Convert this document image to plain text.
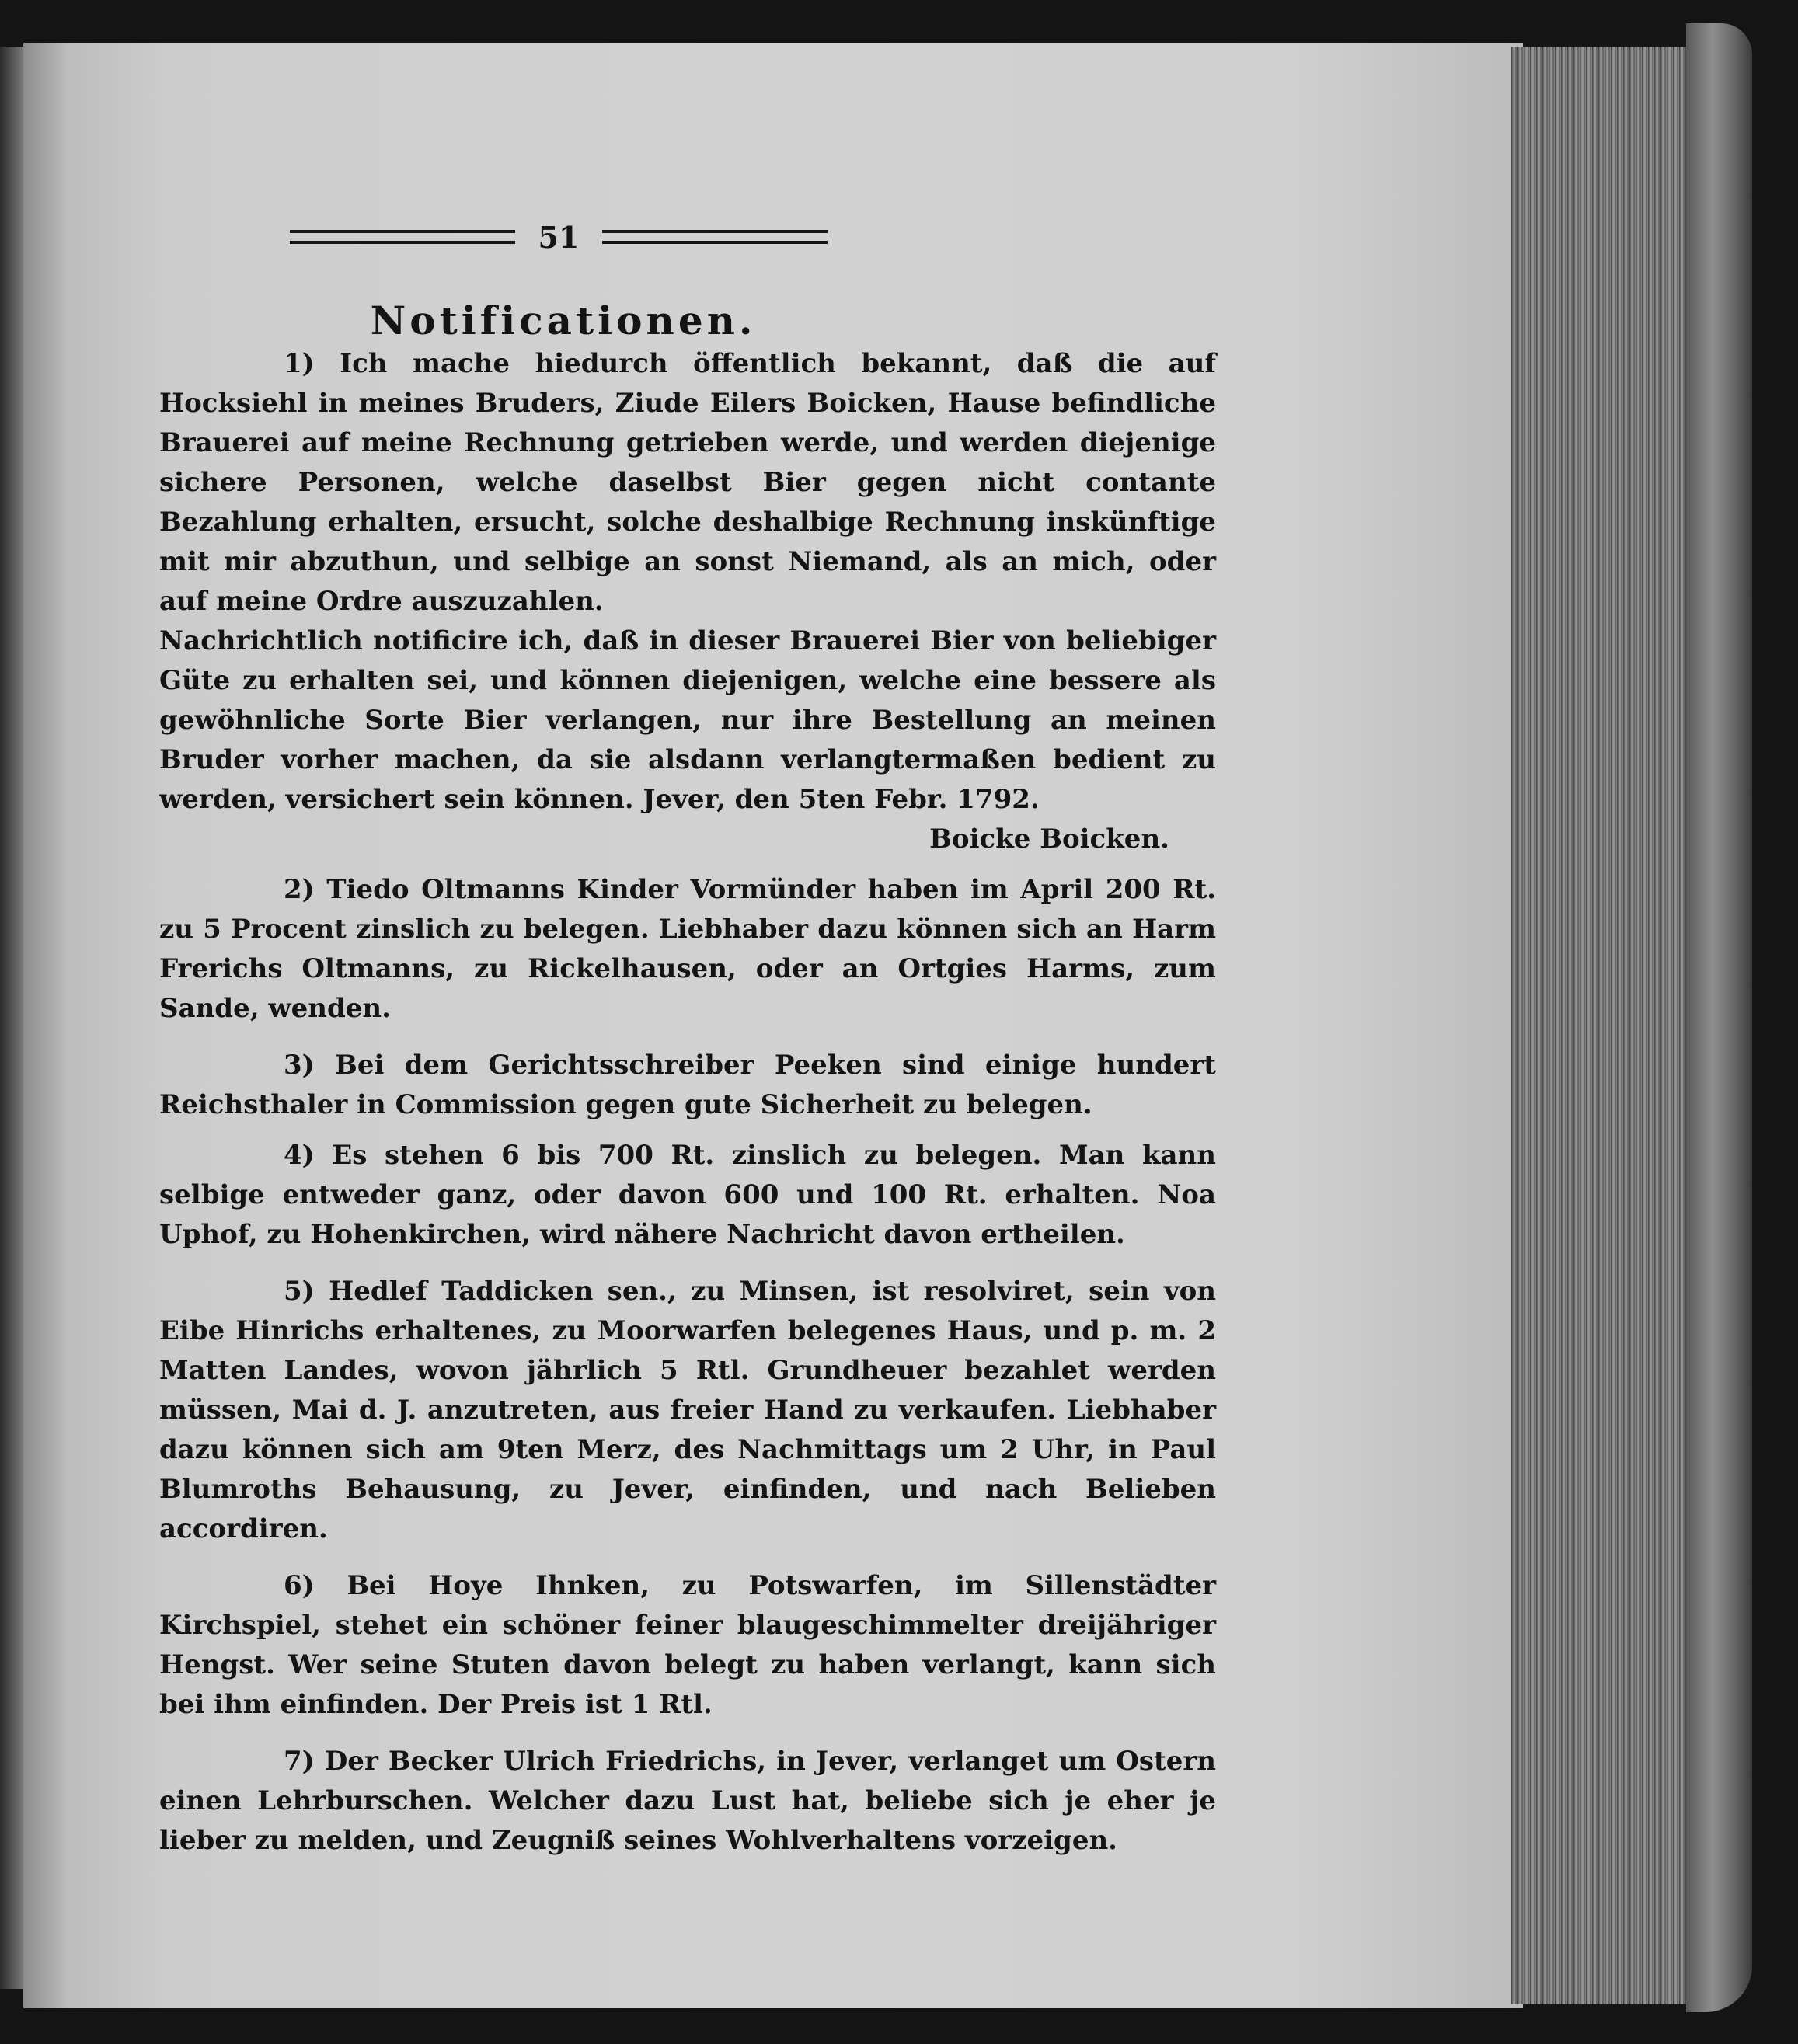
51
Notificationen.

1) Ich mache hiedurch öffentlich bekannt, daß die auf Hocksiehl in meines Bruders, Ziude Eilers Boicken, Hause befindliche Brauerei auf meine Rechnung getrieben werde, und werden diejenige sichere Personen, welche daselbst Bier gegen nicht contante Bezahlung erhalten, ersucht, solche deshalbige Rechnung inskünftige mit mir abzuthun, und selbige an sonst Niemand, als an mich, oder auf meine Ordre auszuzahlen.

Nachrichtlich notificire ich, daß in dieser Brauerei Bier von beliebiger Güte zu erhalten sei, und können diejenigen, welche eine bessere als gewöhnliche Sorte Bier verlangen, nur ihre Bestellung an meinen Bruder vorher machen, da sie alsdann verlangtermaßen bedient zu werden, versichert sein können. Jever, den 5ten Febr. 1792.

Boicke Boicken.

2) Tiedo Oltmanns Kinder Vormünder haben im April 200 Rt. zu 5 Procent zinslich zu belegen. Liebhaber dazu können sich an Harm Frerichs Oltmanns, zu Rickelhausen, oder an Ortgies Harms, zum Sande, wenden.

3) Bei dem Gerichtsschreiber Peeken sind einige hundert Reichsthaler in Commission gegen gute Sicherheit zu belegen.

4) Es stehen 6 bis 700 Rt. zinslich zu belegen. Man kann selbige entweder ganz, oder davon 600 und 100 Rt. erhalten. Noa Uphof, zu Hohenkirchen, wird nähere Nachricht davon ertheilen.

5) Hedlef Taddicken sen., zu Minsen, ist resolviret, sein von Eibe Hinrichs erhaltenes, zu Moorwarfen belegenes Haus, und p. m. 2 Matten Landes, wovon jährlich 5 Rtl. Grundheuer bezahlet werden müssen, Mai d. J. anzutreten, aus freier Hand zu verkaufen. Liebhaber dazu können sich am 9ten Merz, des Nachmittags um 2 Uhr, in Paul Blumroths Behausung, zu Jever, einfinden, und nach Belieben accordiren.

6) Bei Hoye Ihnken, zu Potswarfen, im Sillenstädter Kirchspiel, stehet ein schöner feiner blaugeschimmelter dreijähriger Hengst. Wer seine Stuten davon belegt zu haben verlangt, kann sich bei ihm einfinden. Der Preis ist 1 Rtl.

7) Der Becker Ulrich Friedrichs, in Jever, verlanget um Ostern einen Lehrburschen. Welcher dazu Lust hat, beliebe sich je eher je lieber zu melden, und Zeugniß seines Wohlverhaltens vorzeigen.
